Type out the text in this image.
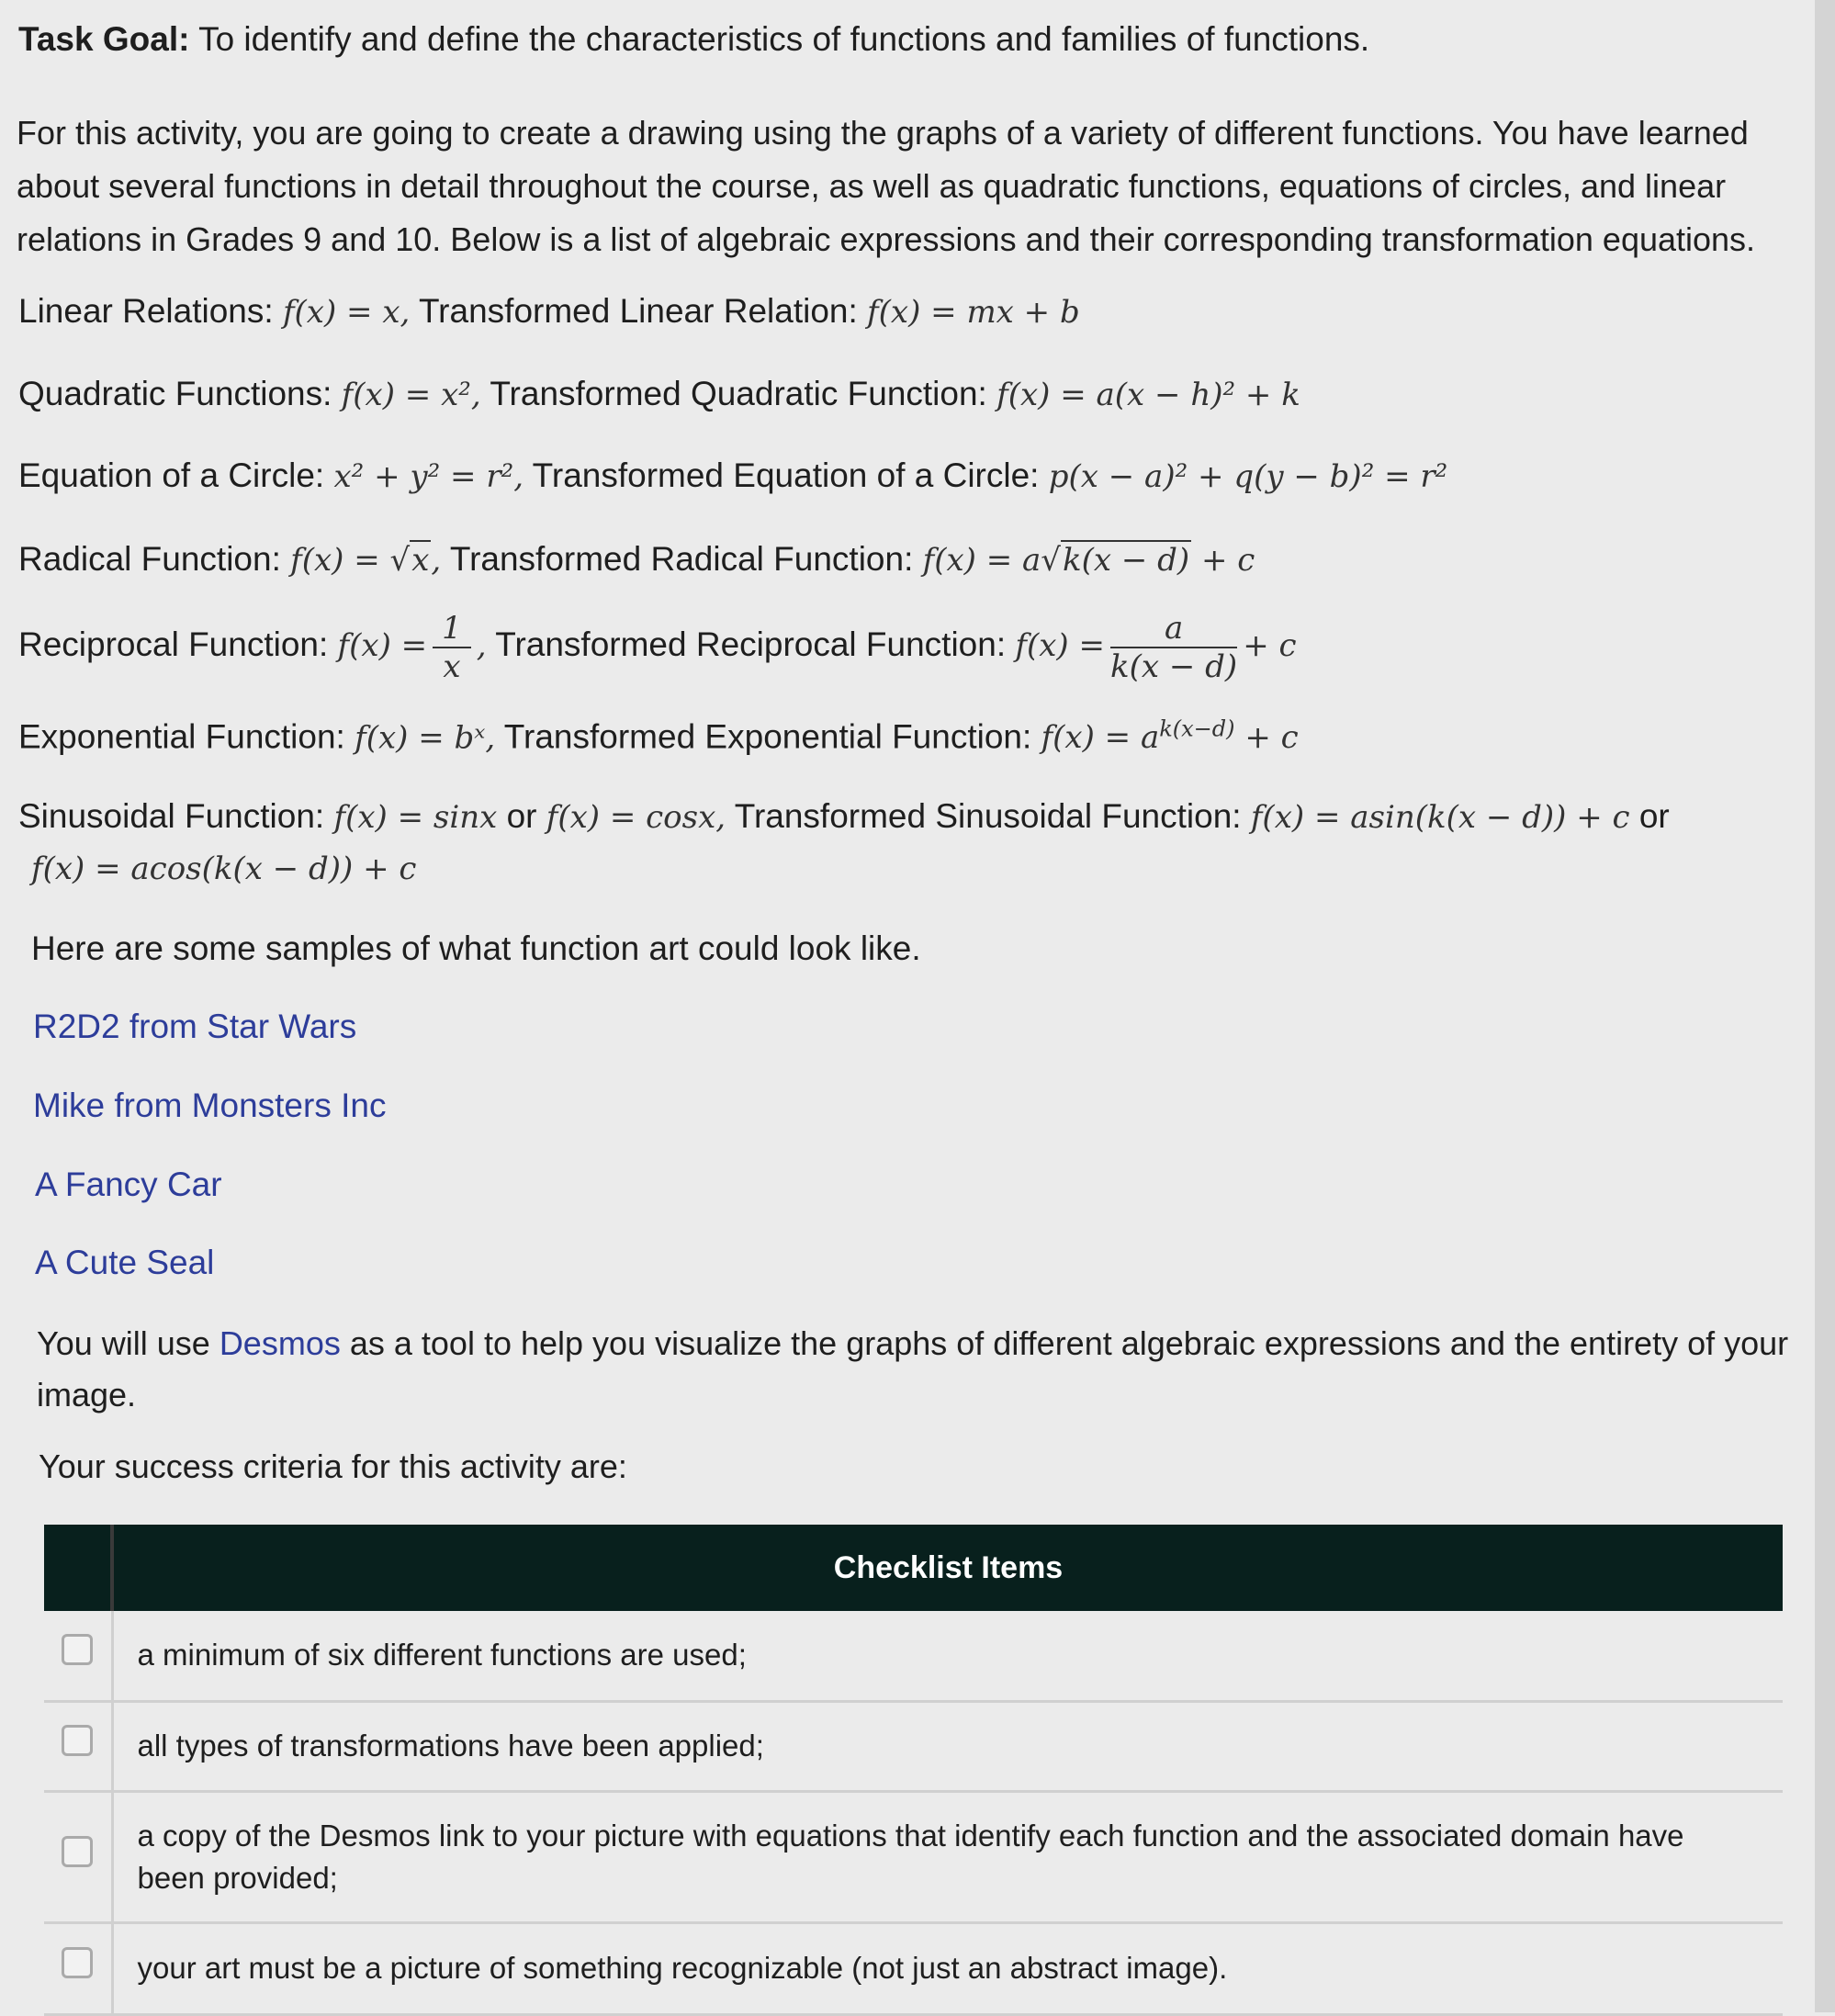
Task Goal: To identify and define the characteristics of functions and families of functions.
For this activity, you are going to create a drawing using the graphs of a variety of different functions. You have learned about several functions in detail throughout the course, as well as quadratic functions, equations of circles, and linear relations in Grades 9 and 10. Below is a list of algebraic expressions and their corresponding transformation equations.
Linear Relations: f(x) = x, Transformed Linear Relation: f(x) = mx + b
Quadratic Functions: f(x) = x², Transformed Quadratic Function: f(x) = a(x − h)² + k
Equation of a Circle: x² + y² = r², Transformed Equation of a Circle: p(x − a)² + q(y − b)² = r²
Radical Function: f(x) = √x, Transformed Radical Function: f(x) = a√k(x − d) + c
Reciprocal Function: $f(x) = \frac{1}{x}$ , Transformed Reciprocal Function: $f(x) = \frac{a}{k(x - d)} + c$
Exponential Function: f(x) = bˣ, Transformed Exponential Function: $f(x) = a^{k(x-d)} + c$
Sinusoidal Function: f(x) = sinx or f(x) = cosx, Transformed Sinusoidal Function: f(x) = asin(k(x − d)) + c or
f(x) = acos(k(x − d)) + c
Here are some samples of what function art could look like.
R2D2 from Star Wars
Mike from Monsters Inc
A Fancy Car
A Cute Seal
You will use Desmos as a tool to help you visualize the graphs of different algebraic expressions and the entirety of your image.
Your success criteria for this activity are:
	Checklist Items
	a minimum of six different functions are used;
	all types of transformations have been applied;
	a copy of the Desmos link to your picture with equations that identify each function and the associated domain have been provided;
	your art must be a picture of something recognizable (not just an abstract image).
